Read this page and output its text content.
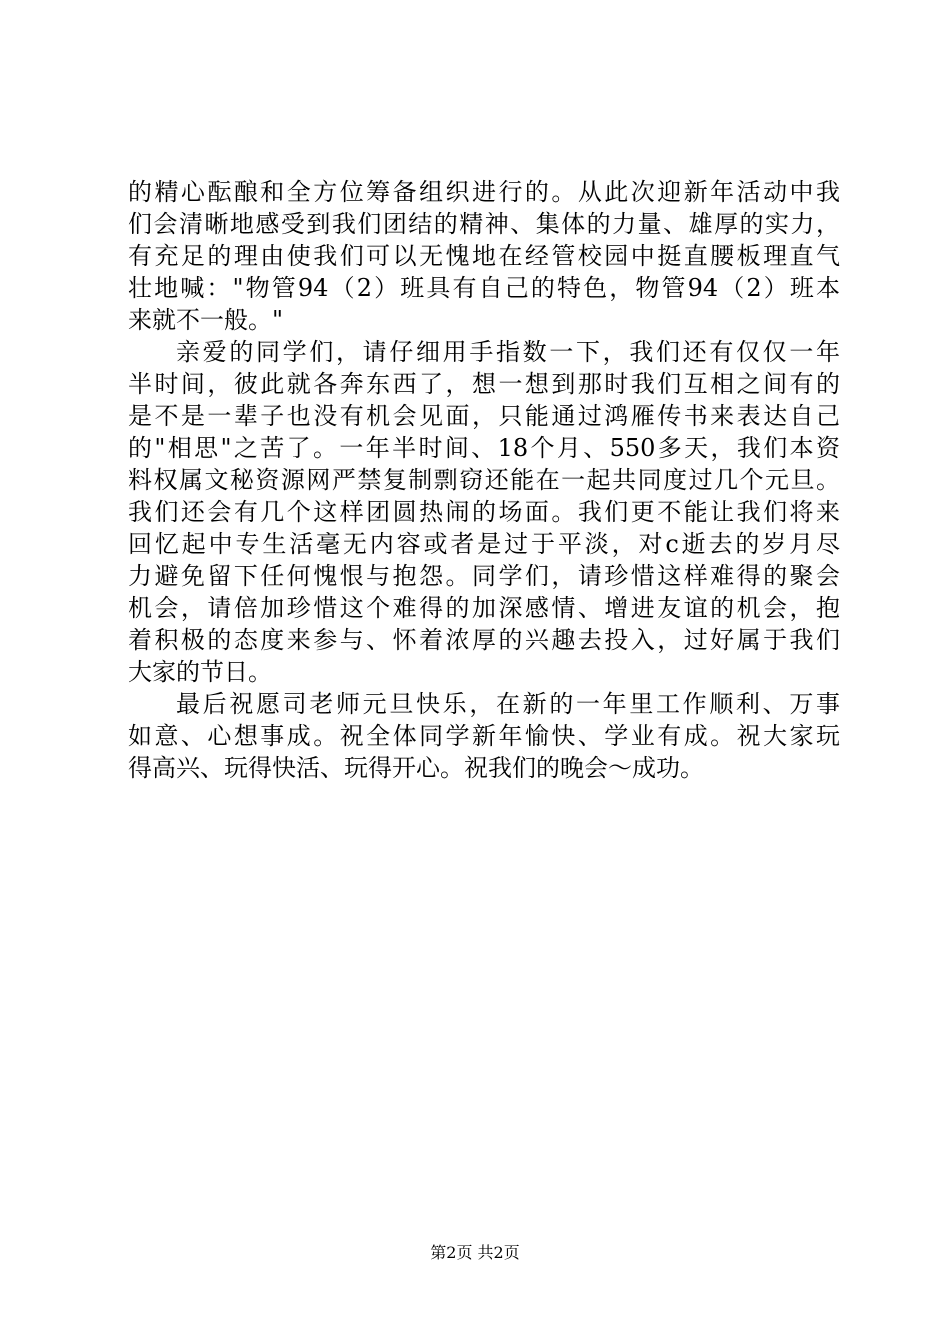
的精心酝酿和全方位筹备组织进行的。从此次迎新年活动中我
们会清晰地感受到我们团结的精神、集体的力量、雄厚的实力，
有充足的理由使我们可以无愧地在经管校园中挺直腰板理直气
壮地喊："物管94（2）班具有自己的特色，物管94（2）班本
来就不一般。"
亲爱的同学们，请仔细用手指数一下，我们还有仅仅一年
半时间，彼此就各奔东西了，想一想到那时我们互相之间有的
是不是一辈子也没有机会见面，只能通过鸿雁传书来表达自己
的"相思"之苦了。一年半时间、18个月、550多天，我们本资
料权属文秘资源网严禁复制剽窃还能在一起共同度过几个元旦。
我们还会有几个这样团圆热闹的场面。我们更不能让我们将来
回忆起中专生活毫无内容或者是过于平淡，对c逝去的岁月尽
力避免留下任何愧恨与抱怨。同学们，请珍惜这样难得的聚会
机会，请倍加珍惜这个难得的加深感情、增进友谊的机会，抱
着积极的态度来参与、怀着浓厚的兴趣去投入，过好属于我们
大家的节日。
最后祝愿司老师元旦快乐，在新的一年里工作顺利、万事
如意、心想事成。祝全体同学新年愉快、学业有成。祝大家玩
得高兴、玩得快活、玩得开心。祝我们的晚会～成功。
第2页 共2页
